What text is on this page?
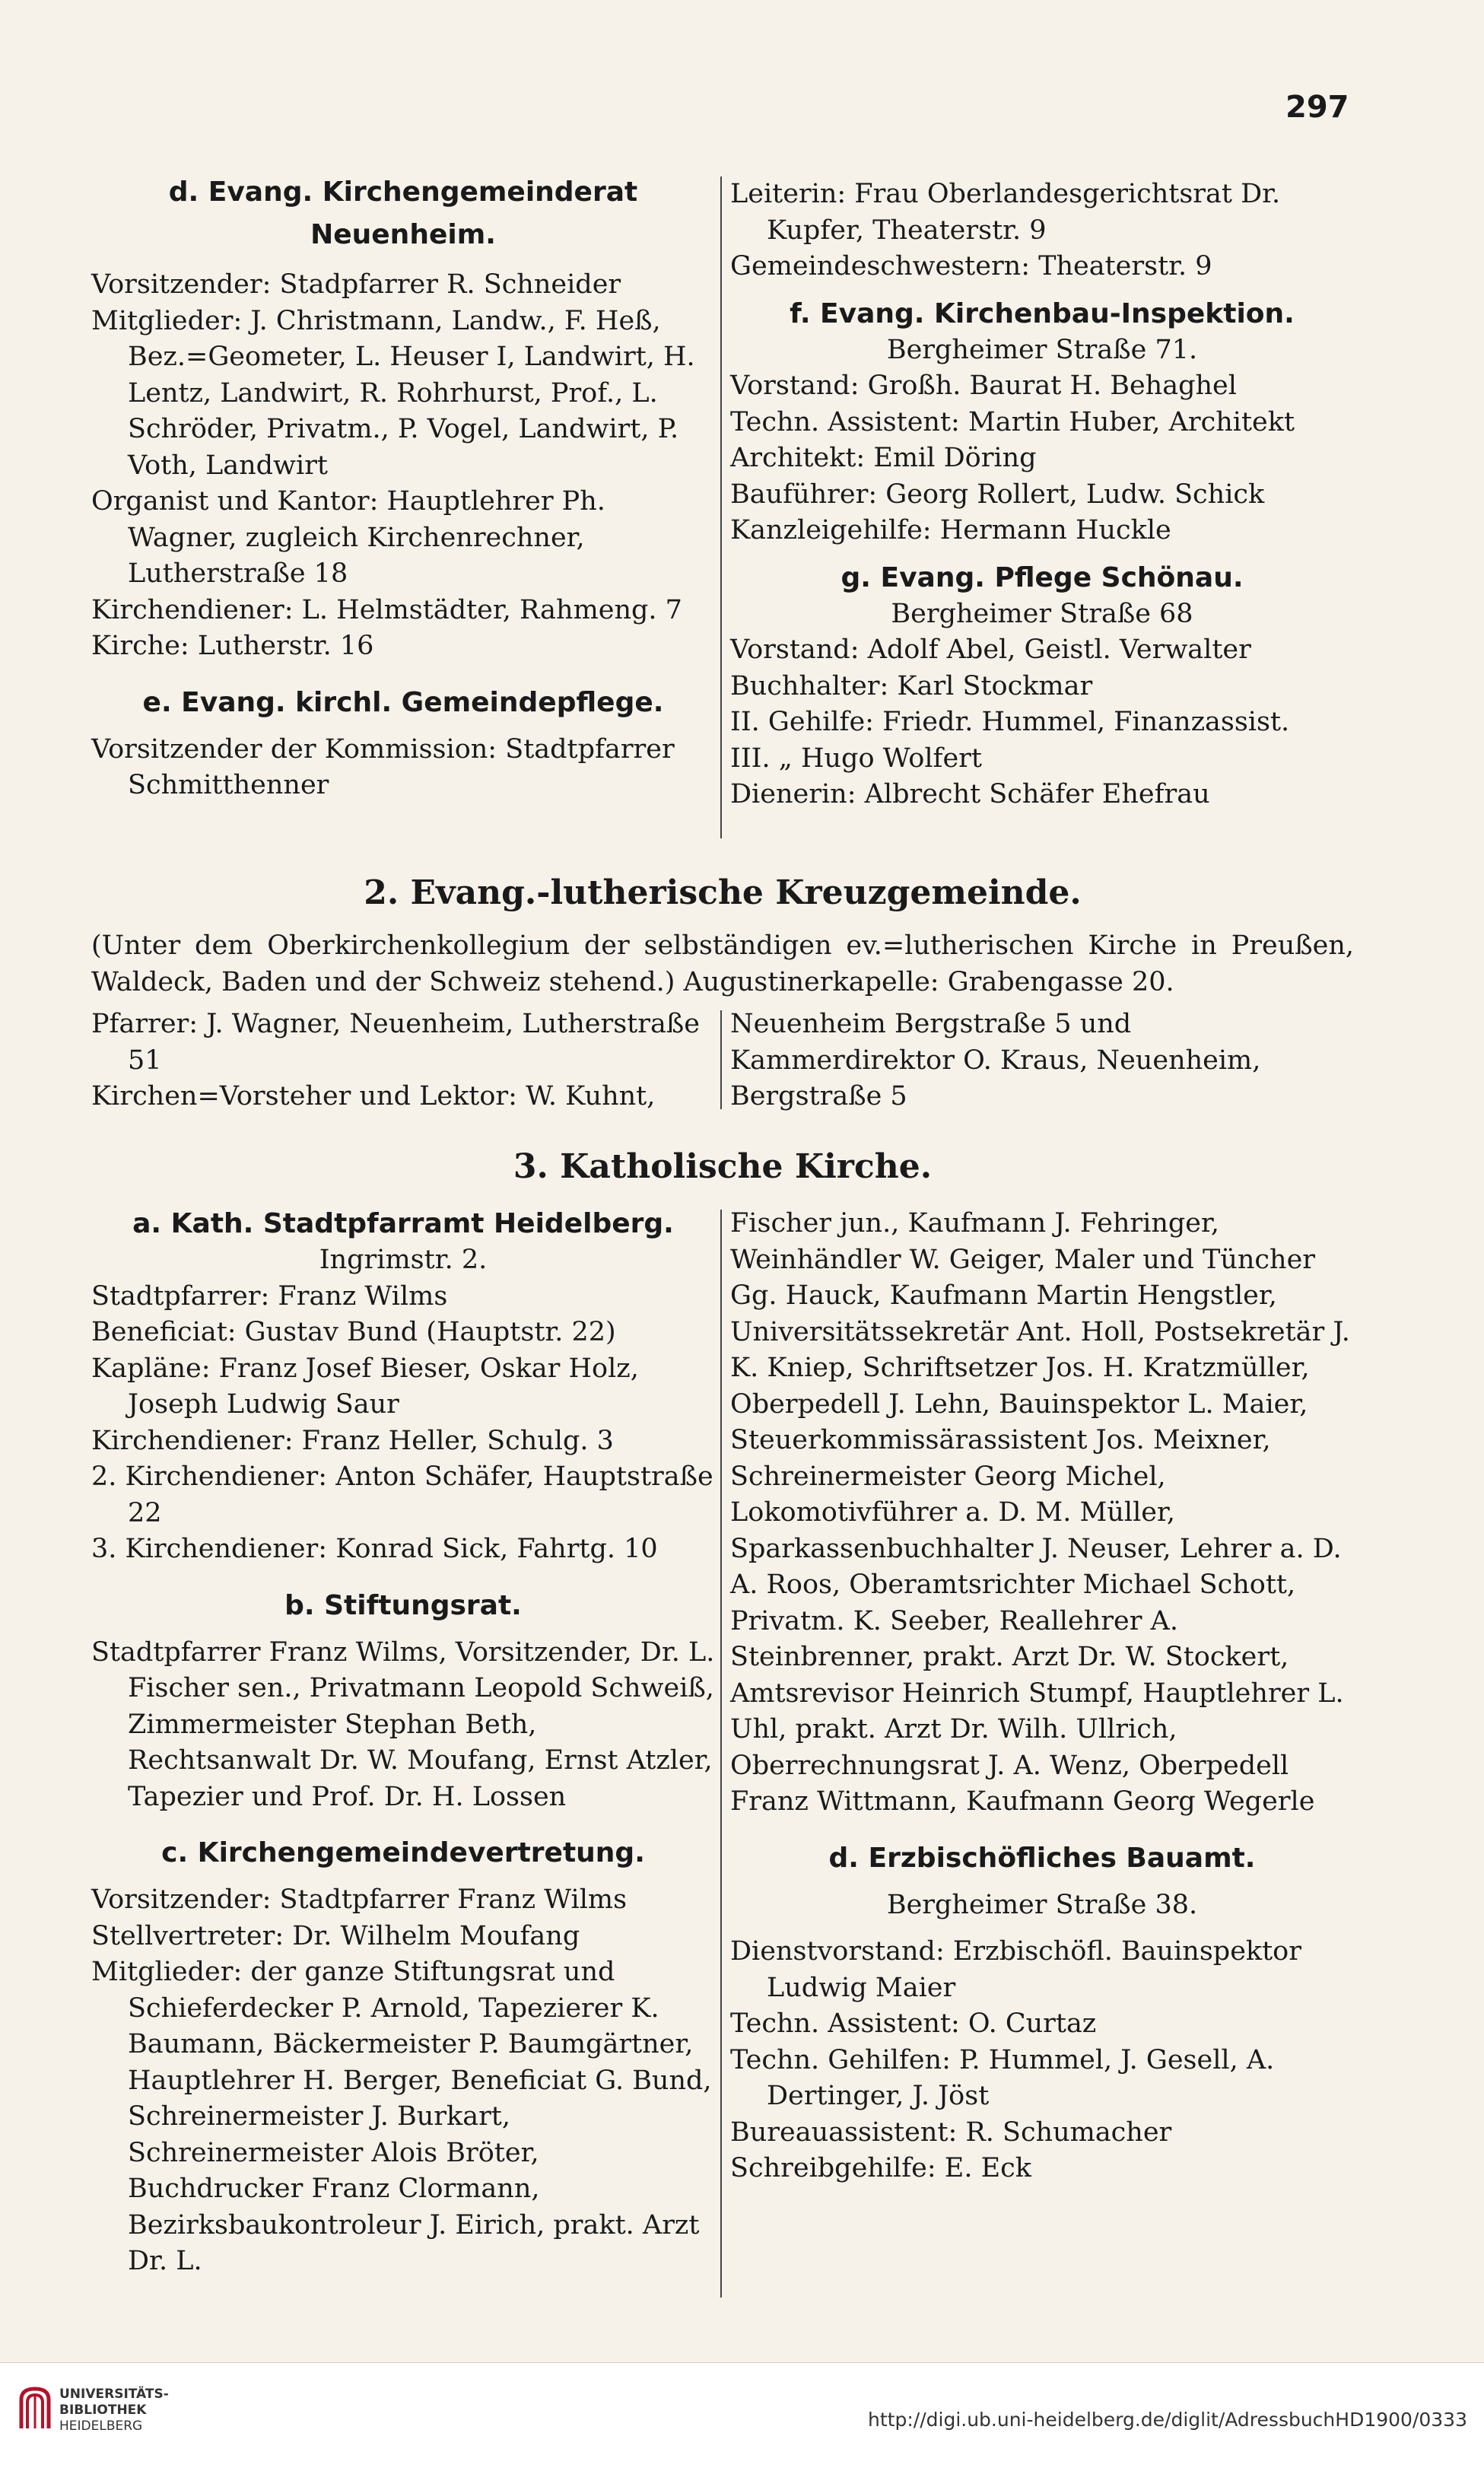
297
d. Evang. Kirchengemeinderat
Neuenheim.
Vorsitzender: Stadpfarrer R. Schneider
Mitglieder: J. Christmann, Landw., F. Heß, Bez.=Geometer, L. Heuser I, Landwirt, H. Lentz, Landwirt, R. Rohrhurst, Prof., L. Schröder, Privatm., P. Vogel, Landwirt, P. Voth, Landwirt
Organist und Kantor: Hauptlehrer Ph. Wagner, zugleich Kirchenrechner, Lutherstraße 18
Kirchendiener: L. Helmstädter, Rahmeng. 7
Kirche: Lutherstr. 16
e. Evang. kirchl. Gemeindepflege.
Vorsitzender der Kommission: Stadtpfarrer Schmitthenner
Leiterin: Frau Oberlandesgerichtsrat Dr. Kupfer, Theaterstr. 9
Gemeindeschwestern: Theaterstr. 9
f. Evang. Kirchenbau-Inspektion.
Bergheimer Straße 71.
Vorstand: Großh. Baurat H. Behaghel
Techn. Assistent: Martin Huber, Architekt
Architekt: Emil Döring
Bauführer: Georg Rollert, Ludw. Schick
Kanzleigehilfe: Hermann Huckle
g. Evang. Pflege Schönau.
Bergheimer Straße 68
Vorstand: Adolf Abel, Geistl. Verwalter
Buchhalter: Karl Stockmar
II. Gehilfe: Friedr. Hummel, Finanzassist.
III. „ Hugo Wolfert
Dienerin: Albrecht Schäfer Ehefrau
2. Evang.-lutherische Kreuzgemeinde.
(Unter dem Oberkirchenkollegium der selbständigen ev.=lutherischen Kirche in Preußen, Waldeck, Baden und der Schweiz stehend.) Augustinerkapelle: Grabengasse 20.
Pfarrer: J. Wagner, Neuenheim, Lutherstraße 51
Kirchen=Vorsteher und Lektor: W. Kuhnt,
Neuenheim Bergstraße 5 und Kammerdirektor O. Kraus, Neuenheim, Bergstraße 5
3. Katholische Kirche.
a. Kath. Stadtpfarramt Heidelberg.
Ingrimstr. 2.
Stadtpfarrer: Franz Wilms
Beneficiat: Gustav Bund (Hauptstr. 22)
Kapläne: Franz Josef Bieser, Oskar Holz, Joseph Ludwig Saur
Kirchendiener: Franz Heller, Schulg. 3
2. Kirchendiener: Anton Schäfer, Hauptstraße 22
3. Kirchendiener: Konrad Sick, Fahrtg. 10
b. Stiftungsrat.
Stadtpfarrer Franz Wilms, Vorsitzender, Dr. L. Fischer sen., Privatmann Leopold Schweiß, Zimmermeister Stephan Beth, Rechtsanwalt Dr. W. Moufang, Ernst Atzler, Tapezier und Prof. Dr. H. Lossen
c. Kirchengemeindevertretung.
Vorsitzender: Stadtpfarrer Franz Wilms
Stellvertreter: Dr. Wilhelm Moufang
Mitglieder: der ganze Stiftungsrat und Schieferdecker P. Arnold, Tapezierer K. Baumann, Bäckermeister P. Baumgärtner, Hauptlehrer H. Berger, Beneficiat G. Bund, Schreinermeister J. Burkart, Schreinermeister Alois Bröter, Buchdrucker Franz Clormann, Bezirksbaukontroleur J. Eirich, prakt. Arzt Dr. L.
Fischer jun., Kaufmann J. Fehringer, Weinhändler W. Geiger, Maler und Tüncher Gg. Hauck, Kaufmann Martin Hengstler, Universitätssekretär Ant. Holl, Postsekretär J. K. Kniep, Schriftsetzer Jos. H. Kratzmüller, Oberpedell J. Lehn, Bauinspektor L. Maier, Steuerkommissärassistent Jos. Meixner, Schreinermeister Georg Michel, Lokomotivführer a. D. M. Müller, Sparkassenbuchhalter J. Neuser, Lehrer a. D. A. Roos, Oberamtsrichter Michael Schott, Privatm. K. Seeber, Reallehrer A. Steinbrenner, prakt. Arzt Dr. W. Stockert, Amtsrevisor Heinrich Stumpf, Hauptlehrer L. Uhl, prakt. Arzt Dr. Wilh. Ullrich, Oberrechnungsrat J. A. Wenz, Oberpedell Franz Wittmann, Kaufmann Georg Wegerle
d. Erzbischöfliches Bauamt.
Bergheimer Straße 38.
Dienstvorstand: Erzbischöfl. Bauinspektor Ludwig Maier
Techn. Assistent: O. Curtaz
Techn. Gehilfen: P. Hummel, J. Gesell, A. Dertinger, J. Jöst
Bureauassistent: R. Schumacher
Schreibgehilfe: E. Eck
UNIVERSITÄTS-
BIBLIOTHEK
HEIDELBERG	http://digi.ub.uni-heidelberg.de/diglit/AdressbuchHD1900/0333
